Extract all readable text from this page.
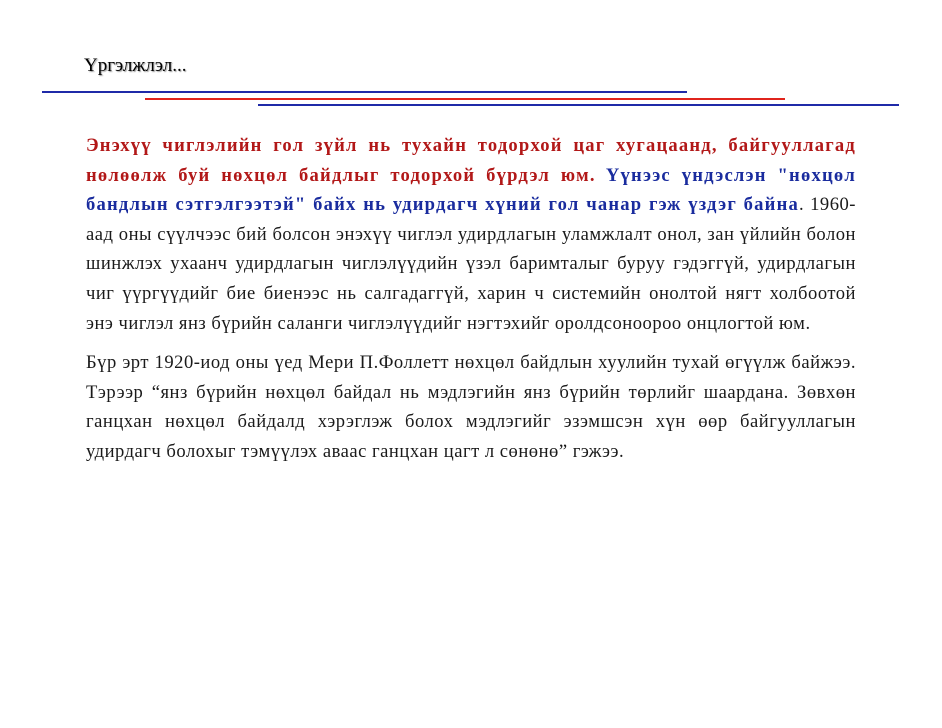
Үргэлжлэл...

Энэхүү чиглэлийн гол зүйл нь тухайн тодорхой цаг хугацаанд, байгууллагад нөлөөлж буй нөхцөл байдлыг тодорхой бүрдэл юм. Үүнээс үндэслэн "нөхцөл бандлын сэтгэлгээтэй" байх нь удирдагч хүний гол чанар гэж үздэг байна. 1960-аад оны сүүлчээс бий болсон энэхүү чиглэл удирдлагын уламжлалт онол, зан үйлийн болон шинжлэх ухаанч удирдлагын чиглэлүүдийн үзэл баримталыг буруу гэдэггүй, удирдлагын чиг үүргүүдийг бие биенээс нь салгадаггүй, харин ч системийн онолтой нягт холбоотой энэ чиглэл янз бүрийн саланги чиглэлүүдийг нэгтэхийг оролдсоноороо онцлогтой юм.

Бүр эрт 1920-иод оны үед Мери П.Фоллетт нөхцөл байдлын хуулийн тухай өгүүлж байжээ. Тэрээр “янз бүрийн нөхцөл байдал нь мэдлэгийн янз бүрийн төрлийг шаардана. Зөвхөн ганцхан нөхцөл байдалд хэрэглэж болох мэдлэгийг эзэмшсэн хүн өөр байгууллагын удирдагч болохыг тэмүүлэх аваас ганцхан цагт л сөнөнө” гэжээ.
